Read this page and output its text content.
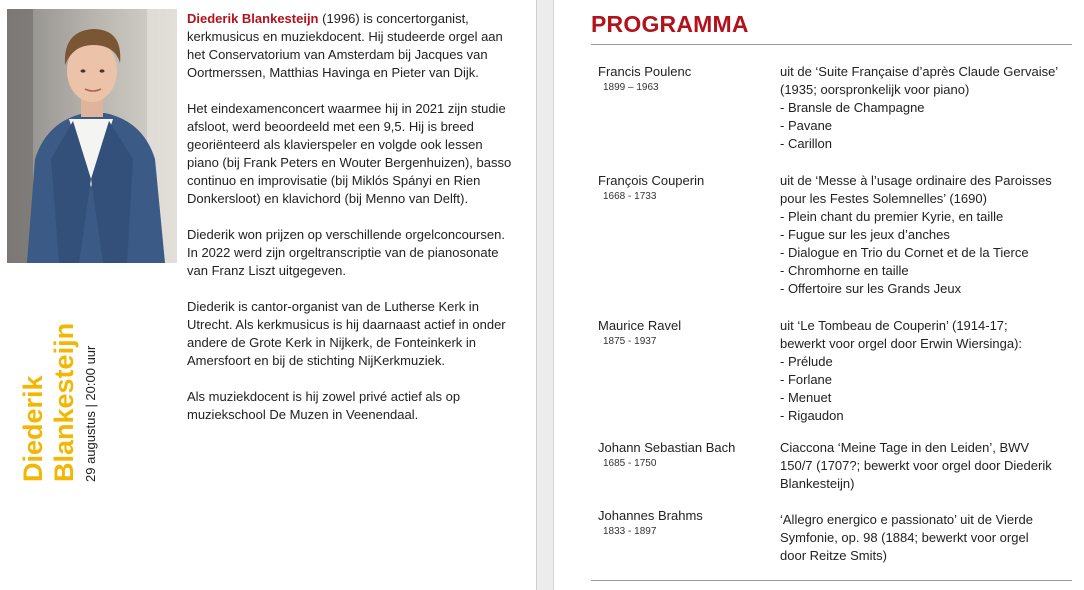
Diederik Blankesteijn 29 augustus | 20:00 uur

Diederik Blankesteijn (1996) is concertorganist, kerkmusicus en muziekdocent. Hij studeerde orgel aan het Conservatorium van Amsterdam bij Jacques van Oortmerssen, Matthias Havinga en Pieter van Dijk.

Het eindexamenconcert waarmee hij in 2021 zijn studie afsloot, werd beoordeeld met een 9,5. Hij is breed georiënteerd als klavierspeler en volgde ook lessen piano (bij Frank Peters en Wouter Bergenhuizen), basso continuo en improvisatie (bij Miklós Spányi en Rien Donkersloot) en klavichord (bij Menno van Delft).

Diederik won prijzen op verschillende orgelconcoursen. In 2022 werd zijn orgeltranscriptie van de pianosonate van Franz Liszt uitgegeven.

Diederik is cantor-organist van de Lutherse Kerk in Utrecht. Als kerkmusicus is hij daarnaast actief in onder andere de Grote Kerk in Nijkerk, de Fonteinkerk in Amersfoort en bij de stichting NijKerkmuziek.

Als muziekdocent is hij zowel privé actief als op muziekschool De Muzen in Veenendaal.

PROGRAMMA
Francis Poulenc
1899 – 1963
uit de ‘Suite Française d’après Claude Gervaise’
(1935; oorspronkelijk voor piano)
- Bransle de Champagne
- Pavane
- Carillon
François Couperin
1668 - 1733
uit de ‘Messe à l’usage ordinaire des Paroisses
pour les Festes Solemnelles’ (1690)
- Plein chant du premier Kyrie, en taille
- Fugue sur les jeux d’anches
- Dialogue en Trio du Cornet et de la Tierce
- Chromhorne en taille
- Offertoire sur les Grands Jeux
Maurice Ravel
1875 - 1937
uit ‘Le Tombeau de Couperin’ (1914-17;
bewerkt voor orgel door Erwin Wiersinga):
- Prélude
- Forlane
- Menuet
- Rigaudon
Johann Sebastian Bach
1685 - 1750
Ciaccona ‘Meine Tage in den Leiden’, BWV
150/7 (1707?; bewerkt voor orgel door Diederik
Blankesteijn)
Johannes Brahms
1833 - 1897
‘Allegro energico e passionato’ uit de Vierde
Symfonie, op. 98 (1884; bewerkt voor orgel
door Reitze Smits)
